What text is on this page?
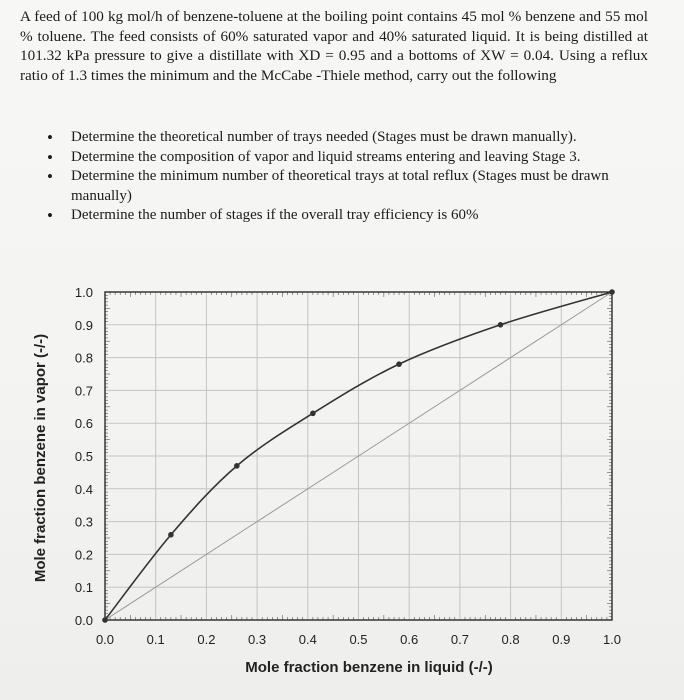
A feed of 100 kg mol/h of benzene-toluene at the boiling point contains 45 mol % benzene and 55 mol % toluene. The feed consists of 60% saturated vapor and 40% saturated liquid. It is being distilled at 101.32 kPa pressure to give a distillate with XD = 0.95 and a bottoms of XW = 0.04. Using a reflux ratio of 1.3 times the minimum and the McCabe -Thiele method, carry out the following

• Determine the theoretical number of trays needed (Stages must be drawn manually).
• Determine the composition of vapor and liquid streams entering and leaving Stage 3.
• Determine the minimum number of theoretical trays at total reflux (Stages must be drawn manually)
• Determine the number of stages if the overall tray efficiency is 60%
0.0
0.1
0.2
0.3
0.4
0.5
0.6
0.7
0.8
0.9
1.0
0.0	0.1	0.2	0.3	0.4	0.5	0.6	0.7	0.8	0.9	1.0
Mole fraction benzene in liquid (-/-)
Mole fraction benzene in vapor (-/-)
